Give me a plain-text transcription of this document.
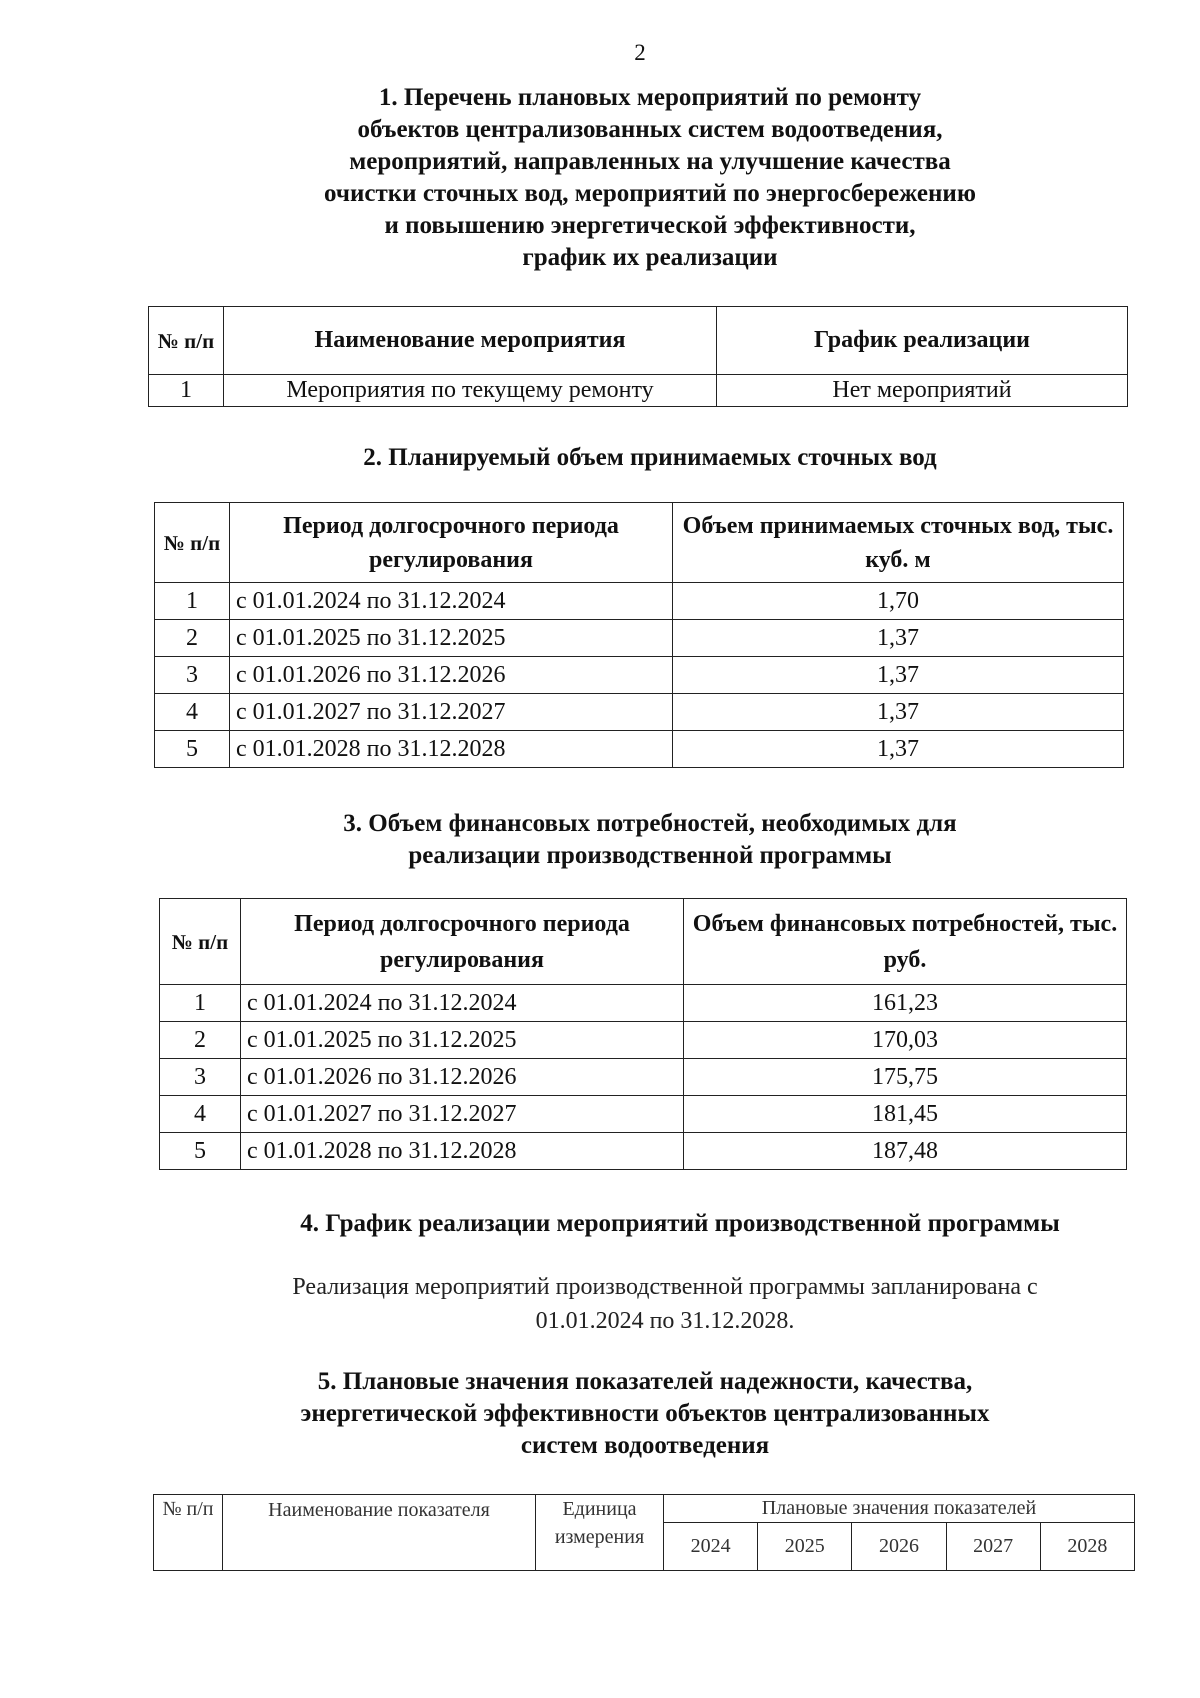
2
1. Перечень плановых мероприятий по ремонту
объектов централизованных систем водоотведения,
мероприятий, направленных на улучшение качества
очистки сточных вод, мероприятий по энергосбережению
и повышению энергетической эффективности,
график их реализации
№ п/п	Наименование мероприятия	График реализации
1	Мероприятия по текущему ремонту	Нет мероприятий
2. Планируемый объем принимаемых сточных вод
№ п/п	Период долгосрочного периода регулирования	Объем принимаемых сточных вод, тыс. куб. м
1	с 01.01.2024 по 31.12.2024	1,70
2	с 01.01.2025 по 31.12.2025	1,37
3	с 01.01.2026 по 31.12.2026	1,37
4	с 01.01.2027 по 31.12.2027	1,37
5	с 01.01.2028 по 31.12.2028	1,37
3. Объем финансовых потребностей, необходимых для
реализации производственной программы
№ п/п	Период долгосрочного периода регулирования	Объем финансовых потребностей, тыс. руб.
1	с 01.01.2024 по 31.12.2024	161,23
2	с 01.01.2025 по 31.12.2025	170,03
3	с 01.01.2026 по 31.12.2026	175,75
4	с 01.01.2027 по 31.12.2027	181,45
5	с 01.01.2028 по 31.12.2028	187,48
4. График реализации мероприятий производственной программы
Реализация мероприятий производственной программы запланирована с
01.01.2024 по 31.12.2028.
5. Плановые значения показателей надежности, качества,
энергетической эффективности объектов централизованных
систем водоотведения
№ п/п	Наименование показателя	Единица измерения	Плановые значения показателей				
			2024	2025	2026	2027	2028
